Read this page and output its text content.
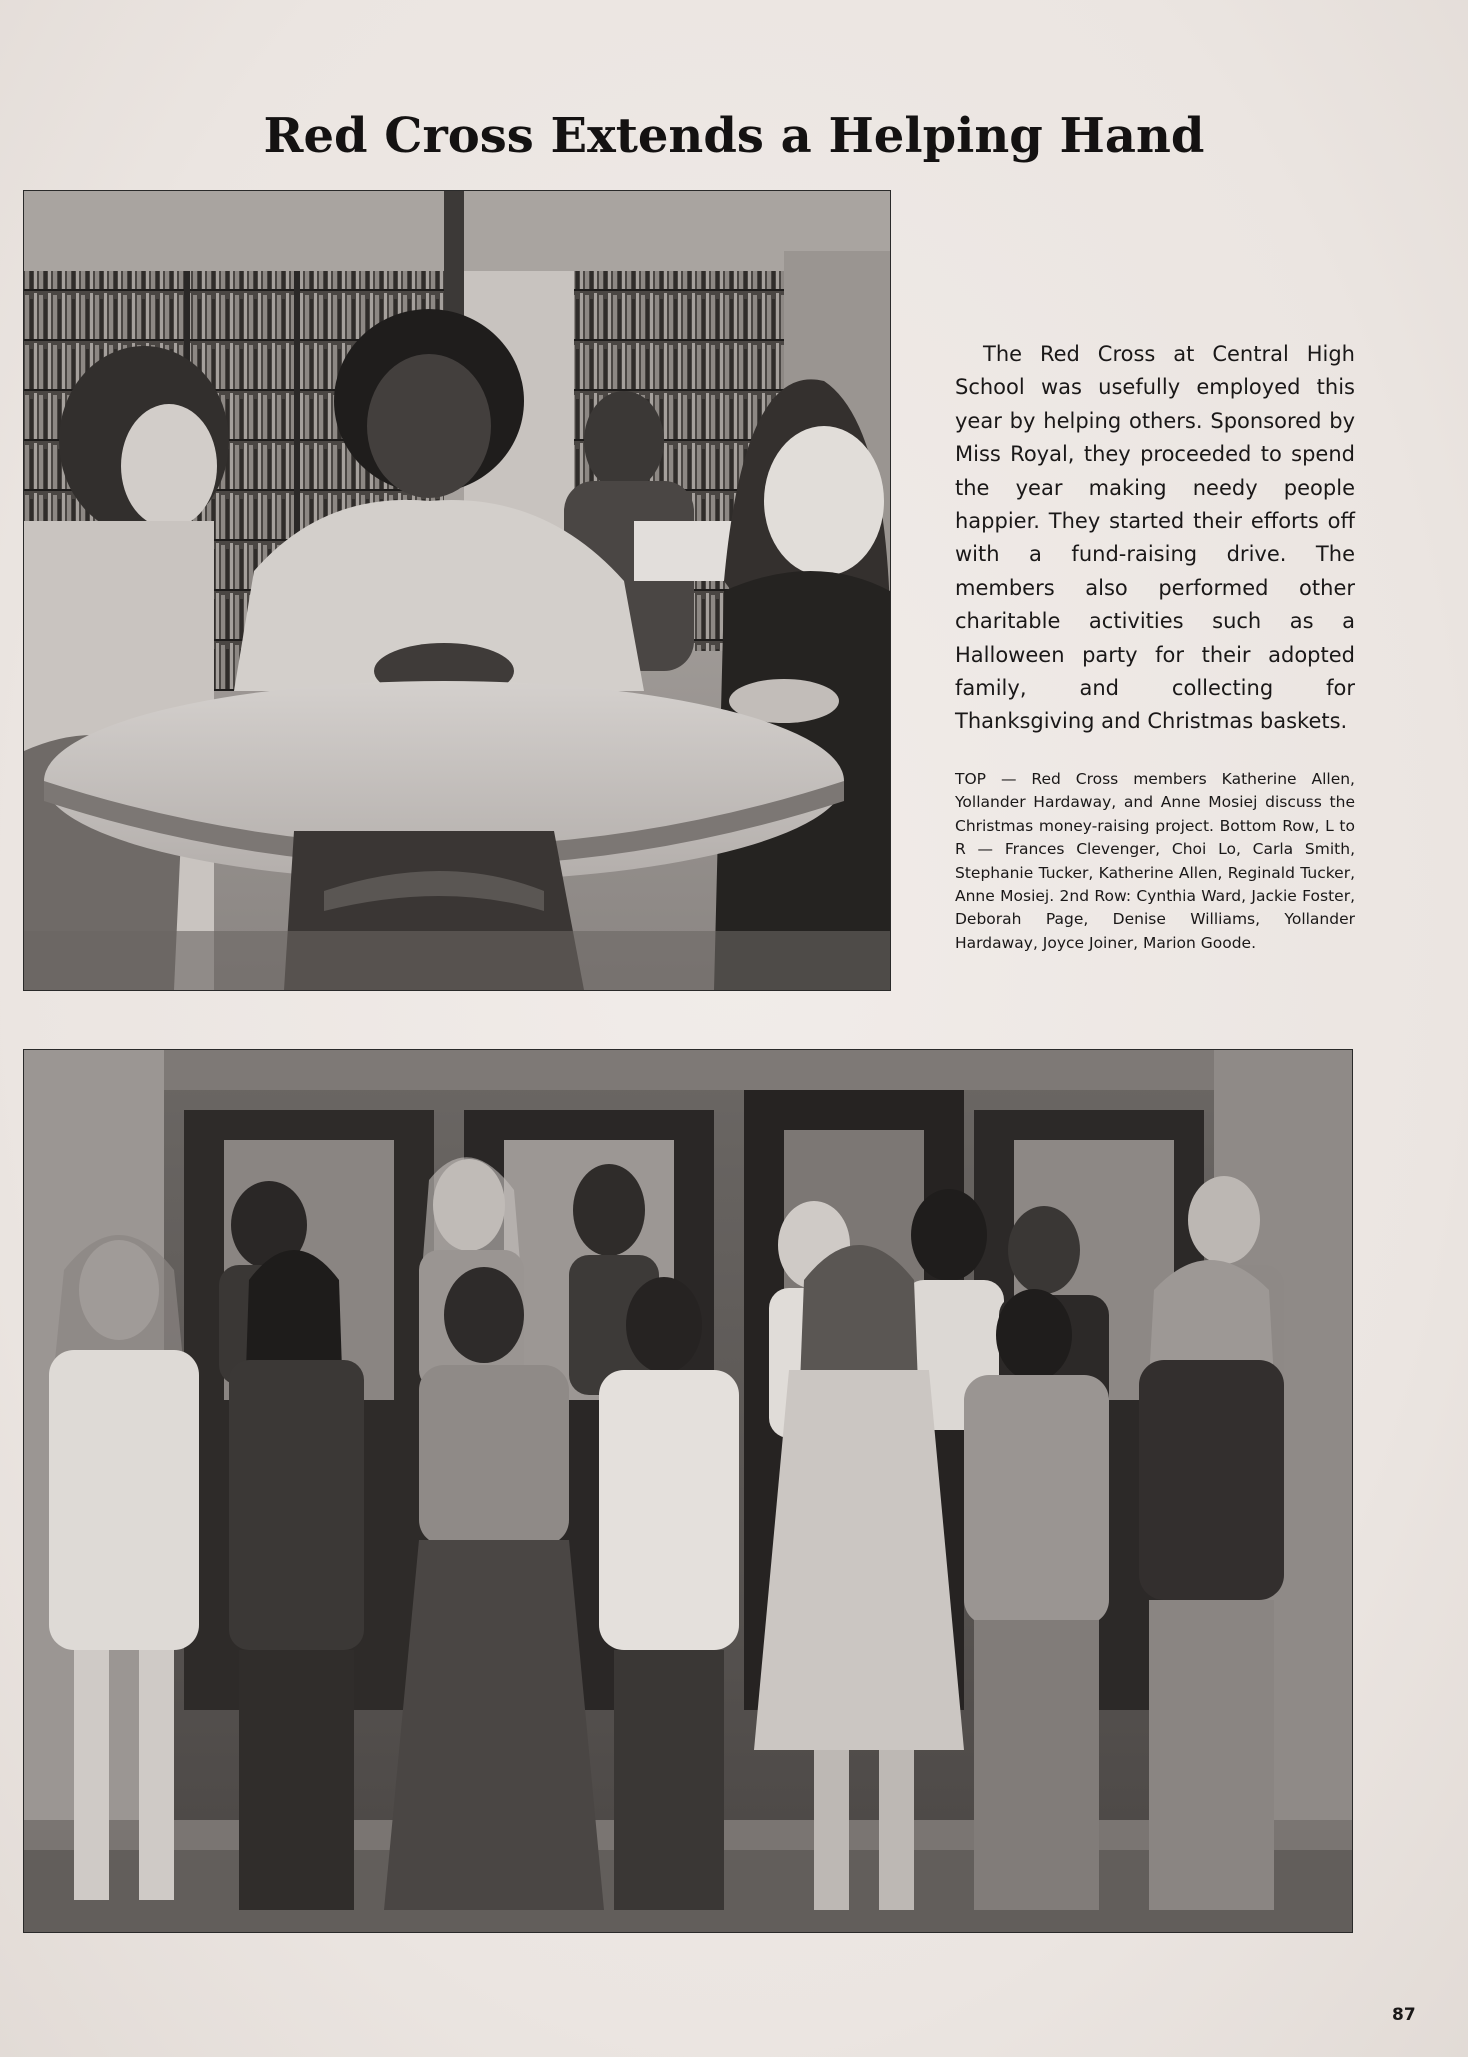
Red Cross Extends a Helping Hand

The Red Cross at Central High School was usefully employed this year by helping others. Sponsored by Miss Royal, they proceeded to spend the year making needy people happier. They started their efforts off with a fund-raising drive. The members also performed other charitable activities such as a Halloween party for their adopted family, and collecting for Thanksgiving and Christmas baskets.

TOP — Red Cross members Katherine Allen, Yollander Hardaway, and Anne Mosiej discuss the Christmas money-raising project. Bottom Row, L to R — Frances Clevenger, Choi Lo, Carla Smith, Stephanie Tucker, Katherine Allen, Reginald Tucker, Anne Mosiej. 2nd Row: Cynthia Ward, Jackie Foster, Deborah Page, Denise Williams, Yollander Hardaway, Joyce Joiner, Marion Goode.

87
